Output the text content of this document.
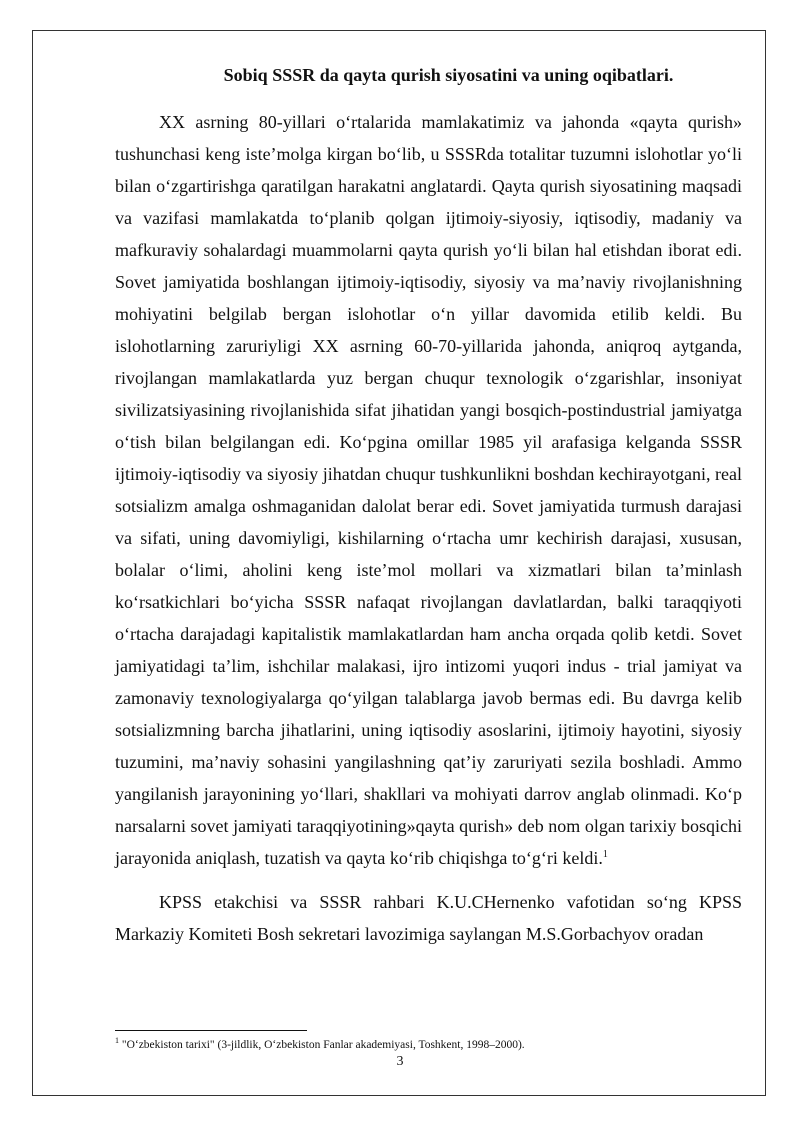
Sobiq SSSR da qayta qurish siyosatini va uning oqibatlari.

XX asrning 80-yillari oʻrtalarida mamlakatimiz va jahonda «qayta qurish» tushunchasi keng isteʼmolga kirgan boʻlib, u SSSRda totalitar tuzumni islohotlar yoʻli bilan oʻzgartirishga qaratilgan harakatni anglatardi. Qayta qurish siyosatining maqsadi va vazifasi mamlakatda toʻplanib qolgan ijtimoiy-siyosiy, iqtisodiy, madaniy va mafkuraviy sohalardagi muammolarni qayta qurish yoʻli bilan hal etishdan iborat edi. Sovet jamiyatida boshlangan ijtimoiy-iqtisodiy, siyosiy va maʼnaviy rivojlanishning mohiyatini belgilab bergan islohotlar oʻn yillar davomida etilib keldi. Bu islohotlarning zaruriyligi XX asrning 60-70-yillarida jahonda, aniqroq aytganda, rivojlangan mamlakatlarda yuz bergan chuqur texnologik oʻzgarishlar, insoniyat sivilizatsiyasining rivojlanishida sifat jihatidan yangi bosqich-postindustrial jamiyatga oʻtish bilan belgilangan edi. Koʻpgina omillar 1985 yil arafasiga kelganda SSSR ijtimoiy-iqtisodiy va siyosiy jihatdan chuqur tushkunlikni boshdan kechirayotgani, real sotsializm amalga oshmaganidan dalolat berar edi. Sovet jamiyatida turmush darajasi va sifati, uning davomiyligi, kishilarning oʻrtacha umr kechirish darajasi, xususan, bolalar oʻlimi, aholini keng isteʼmol mollari va xizmatlari bilan taʼminlash koʻrsatkichlari boʻyicha SSSR nafaqat rivojlangan davlatlardan, balki taraqqiyoti oʻrtacha darajadagi kapitalistik mamlakatlardan ham ancha orqada qolib ketdi. Sovet jamiyatidagi taʼlim, ishchilar malakasi, ijro intizomi yuqori indus - trial jamiyat va zamonaviy texnologiyalarga qoʻyilgan talablarga javob bermas edi. Bu davrga kelib sotsializmning barcha jihatlarini, uning iqtisodiy asoslarini, ijtimoiy hayotini, siyosiy tuzumini, maʼnaviy sohasini yangilashning qatʼiy zaruriyati sezila boshladi. Ammo yangilanish jarayonining yoʻllari, shakllari va mohiyati darrov anglab olinmadi. Koʻp narsalarni sovet jamiyati taraqqiyotining»qayta qurish» deb nom olgan tarixiy bosqichi jarayonida aniqlash, tuzatish va qayta koʻrib chiqishga toʻgʻri keldi.$^1$

KPSS etakchisi va SSSR rahbari K.U.CHernenko vafotidan soʻng KPSS Markaziy Komiteti Bosh sekretari lavozimiga saylangan M.S.Gorbachyov oradan

$^1$ "Oʻzbekiston tarixi" (3-jildlik, Oʻzbekiston Fanlar akademiyasi, Toshkent, 1998–2000).
3
